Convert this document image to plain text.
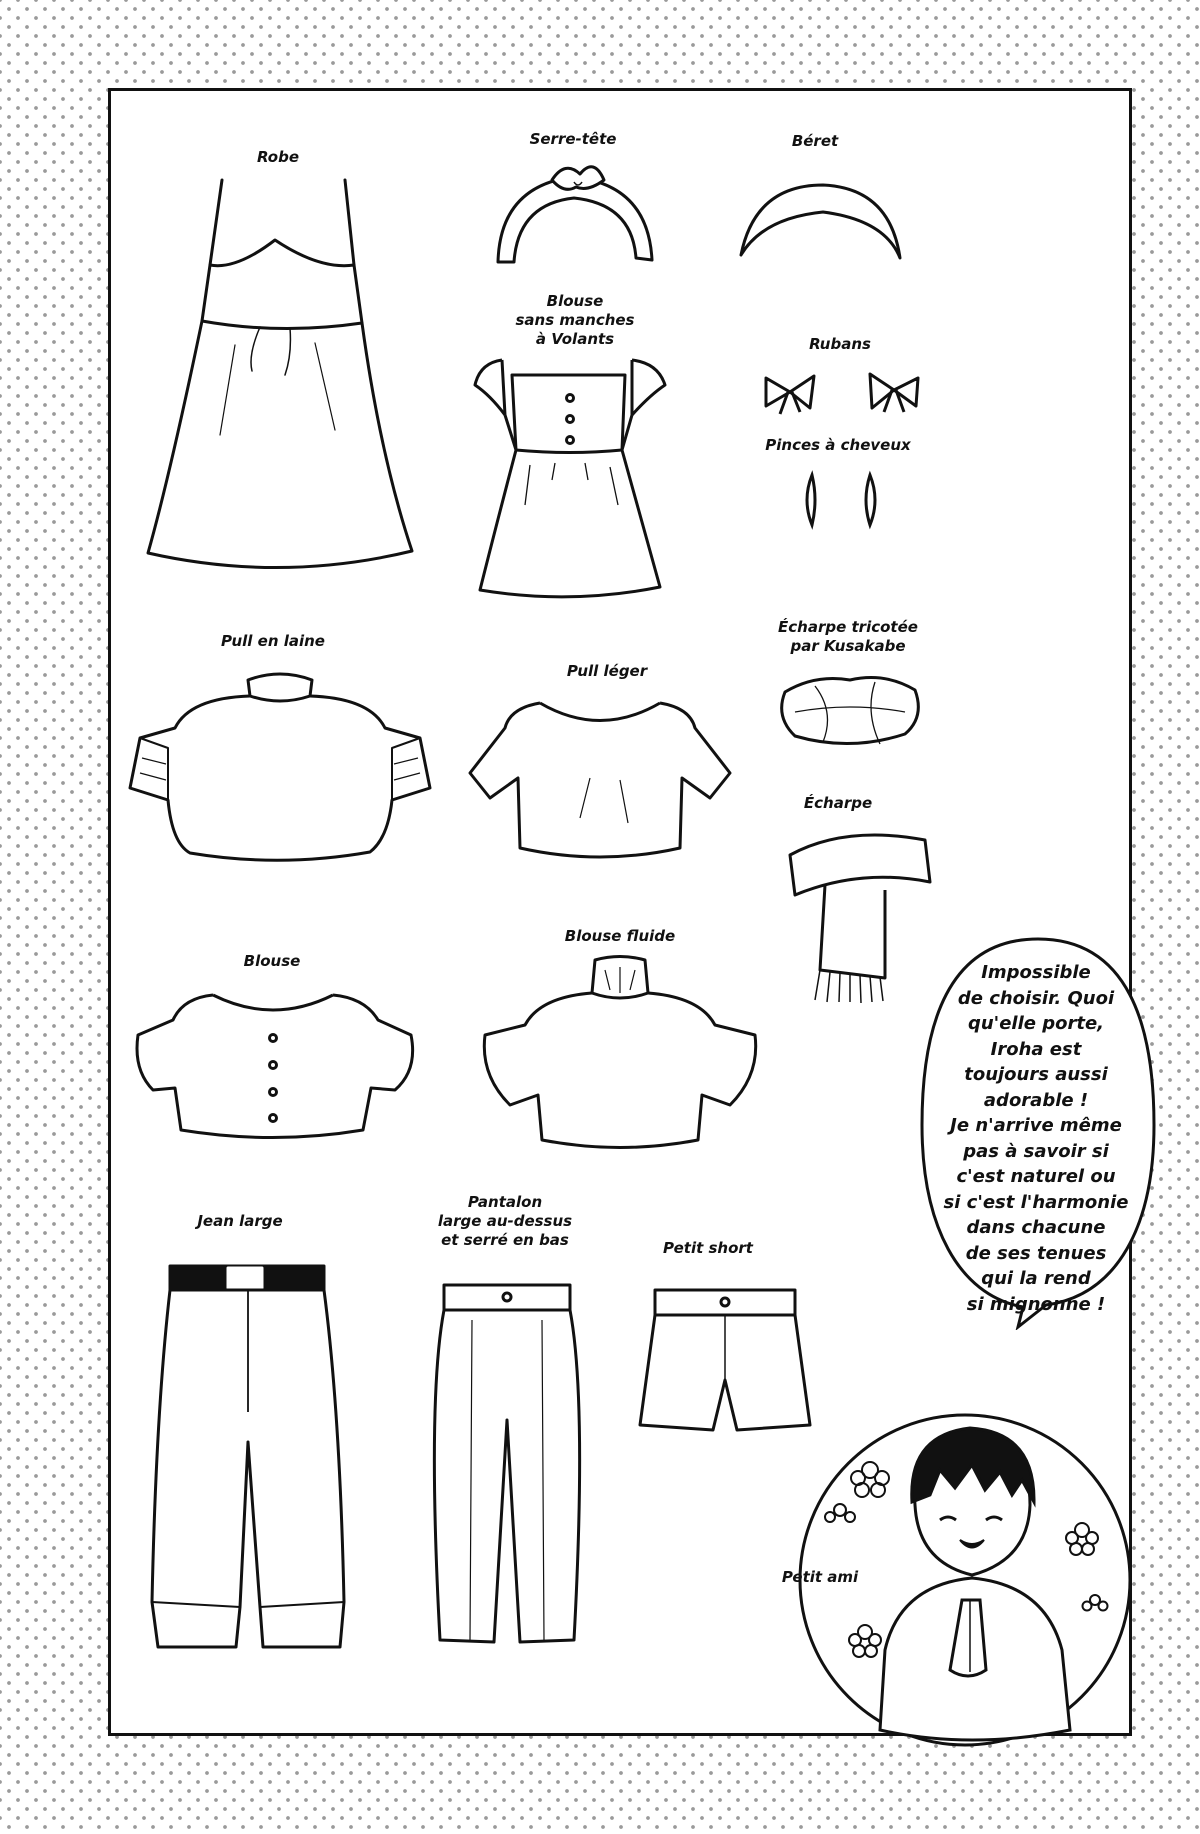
Robe
Serre-tête	Béret
Blouse
sans manches
à Volants	Rubans
Pinces à cheveux
Pull en laine
Pull léger
Écharpe tricotée
par Kusakabe
Écharpe
Blouse
Blouse fluide
Jean large
Pantalon
large au-dessus
et serré en bas	Petit short
Impossible
de choisir. Quoi
qu'elle porte,
Iroha est
toujours aussi
adorable !
Je n'arrive même
pas à savoir si
c'est naturel ou
si c'est l'harmonie
dans chacune
de ses tenues
qui la rend
si mignonne !
Petit ami
